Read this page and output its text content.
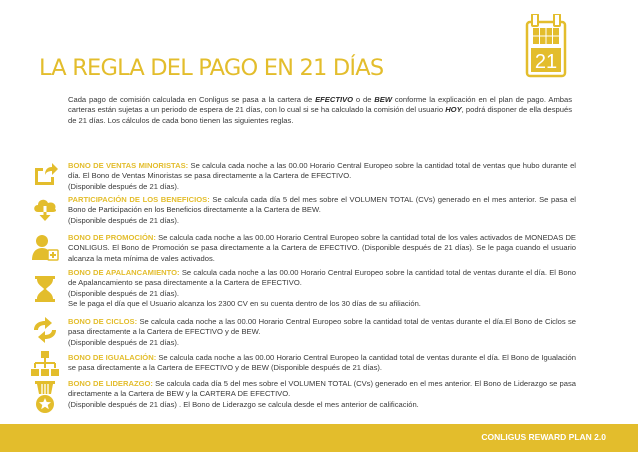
LA REGLA DEL PAGO EN 21 DÍAS	21
Cada pago de comisión calculada en Conligus se pasa a la cartera de EFECTIVO o de BEW conforme la explicación en el plan de pago. Ambas carteras están sujetas a un periodo de espera de 21 días, con lo cual si se ha calculado la comisión del usuario HOY, podrá disponer de ella después de 21 días. Los cálculos de cada bono tienen las siguientes reglas.
BONO DE VENTAS MINORISTAS: Se calcula cada noche a las 00.00 Horario Central Europeo sobre la cantidad total de ventas que hubo durante el día. El Bono de Ventas Minoristas se pasa directamente a la Cartera de EFECTIVO.
(Disponible después de 21 días).
PARTICIPACIÓN DE LOS BENEFICIOS: Se calcula cada día 5 del mes sobre el VOLUMEN TOTAL (CVs) generado en el mes anterior. Se pasa el Bono de Participación en los Beneficios directamente a la Cartera de BEW.
(Disponible después de 21 días).
BONO DE PROMOCIÓN: Se calcula cada noche a las 00.00 Horario Central Europeo sobre la cantidad total de los vales activados de MONEDAS DE CONLIGUS. El Bono de Promoción se pasa directamente a la Cartera de EFECTIVO. (Disponible después de 21 días). Se le paga cuando el usuario alcanza la meta mínima de vales activados.
BONO DE APALANCAMIENTO: Se calcula cada noche a las 00.00 Horario Central Europeo sobre la cantidad total de ventas durante el día. El Bono de Apalancamiento se pasa directamente a la Cartera de EFECTIVO.
(Disponible después de 21 días).
Se le paga el día que el Usuario alcanza los 2300 CV en su cuenta dentro de los 30 días de su afiliación.
BONO DE CICLOS: Se calcula cada noche a las 00.00 Horario Central Europeo sobre la cantidad total de ventas durante el día.El Bono de Ciclos se pasa directamente a la Cartera de EFECTIVO y de BEW.
(Disponible después de 21 días).
BONO DE IGUALACIÓN: Se calcula cada noche a las 00.00 Horario Central Europeo la cantidad total de ventas durante el día. El Bono de Igualación se pasa directamente a la Cartera de EFECTIVO y de BEW (Disponible después de 21 días).
BONO DE LIDERAZGO: Se calcula cada día 5 del mes sobre el VOLUMEN TOTAL (CVs) generado en el mes anterior. El Bono de Liderazgo se pasa directamente a la Cartera de BEW y la CARTERA DE EFECTIVO.
(Disponible después de 21 días) . El Bono de Liderazgo se calcula desde el mes anterior de calificación.
CONLIGUS REWARD PLAN 2.0
